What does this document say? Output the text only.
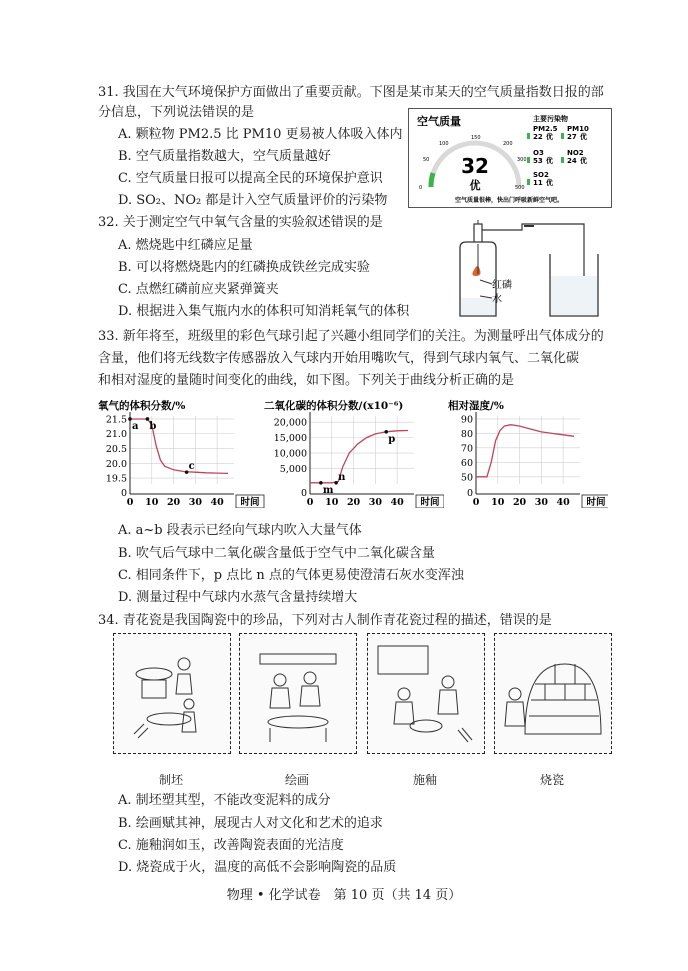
31. 我国在大气环境保护方面做出了重要贡献。下图是某市某天的空气质量指数日报的部
分信息，下列说法错误的是
A. 颗粒物 PM2.5 比 PM10 更易被人体吸入体内
B. 空气质量指数越大，空气质量越好
C. 空气质量日报可以提高全民的环境保护意识
D. SO₂、NO₂ 都是计入空气质量评价的污染物
空气质量
32
优
0
50
100
150
200
300
500
主要污染物
PM2.5
22 优
PM10
27 优
O3
53 优
NO2
24 优
SO2
11 优
空气质量很棒，快出门呼吸新鲜空气吧。
32. 关于测定空气中氧气含量的实验叙述错误的是
A. 燃烧匙中红磷应足量
B. 可以将燃烧匙内的红磷换成铁丝完成实验
C. 点燃红磷前应夹紧弹簧夹
D. 根据进入集气瓶内水的体积可知消耗氧气的体积
红磷
水
33. 新年将至，班级里的彩色气球引起了兴趣小组同学们的关注。为测量呼出气体成分的
含量，他们将无线数字传感器放入气球内开始用嘴吹气，得到气球内氧气、二氧化碳
和相对湿度的量随时间变化的曲线，如下图。下列关于曲线分析正确的是
氧气的体积分数/%
19.5
20.0
20.5
21.0
21.5
0
0 10 20 30 40 时间
a b
c
二氧化碳的体积分数/(x10⁻⁶)
5,000
10,000
15,000
20,000
0
0 10 20 30 40 时间
m
n
p
相对湿度/%
50
60
70
80
90
0
0 10 20 30 40 时间
A. a~b 段表示已经向气球内吹入大量气体
B. 吹气后气球中二氧化碳含量低于空气中二氧化碳含量
C. 相同条件下，p 点比 n 点的气体更易使澄清石灰水变浑浊
D. 测量过程中气球内水蒸气含量持续增大
34. 青花瓷是我国陶瓷中的珍品，下列对古人制作青花瓷过程的描述，错误的是
制坯	绘画	施釉	烧瓷
A. 制坯塑其型，不能改变泥料的成分
B. 绘画赋其神，展现古人对文化和艺术的追求
C. 施釉润如玉，改善陶瓷表面的光洁度
D. 烧瓷成于火，温度的高低不会影响陶瓷的品质
物理 • 化学试卷　第 10 页（共 14 页）
